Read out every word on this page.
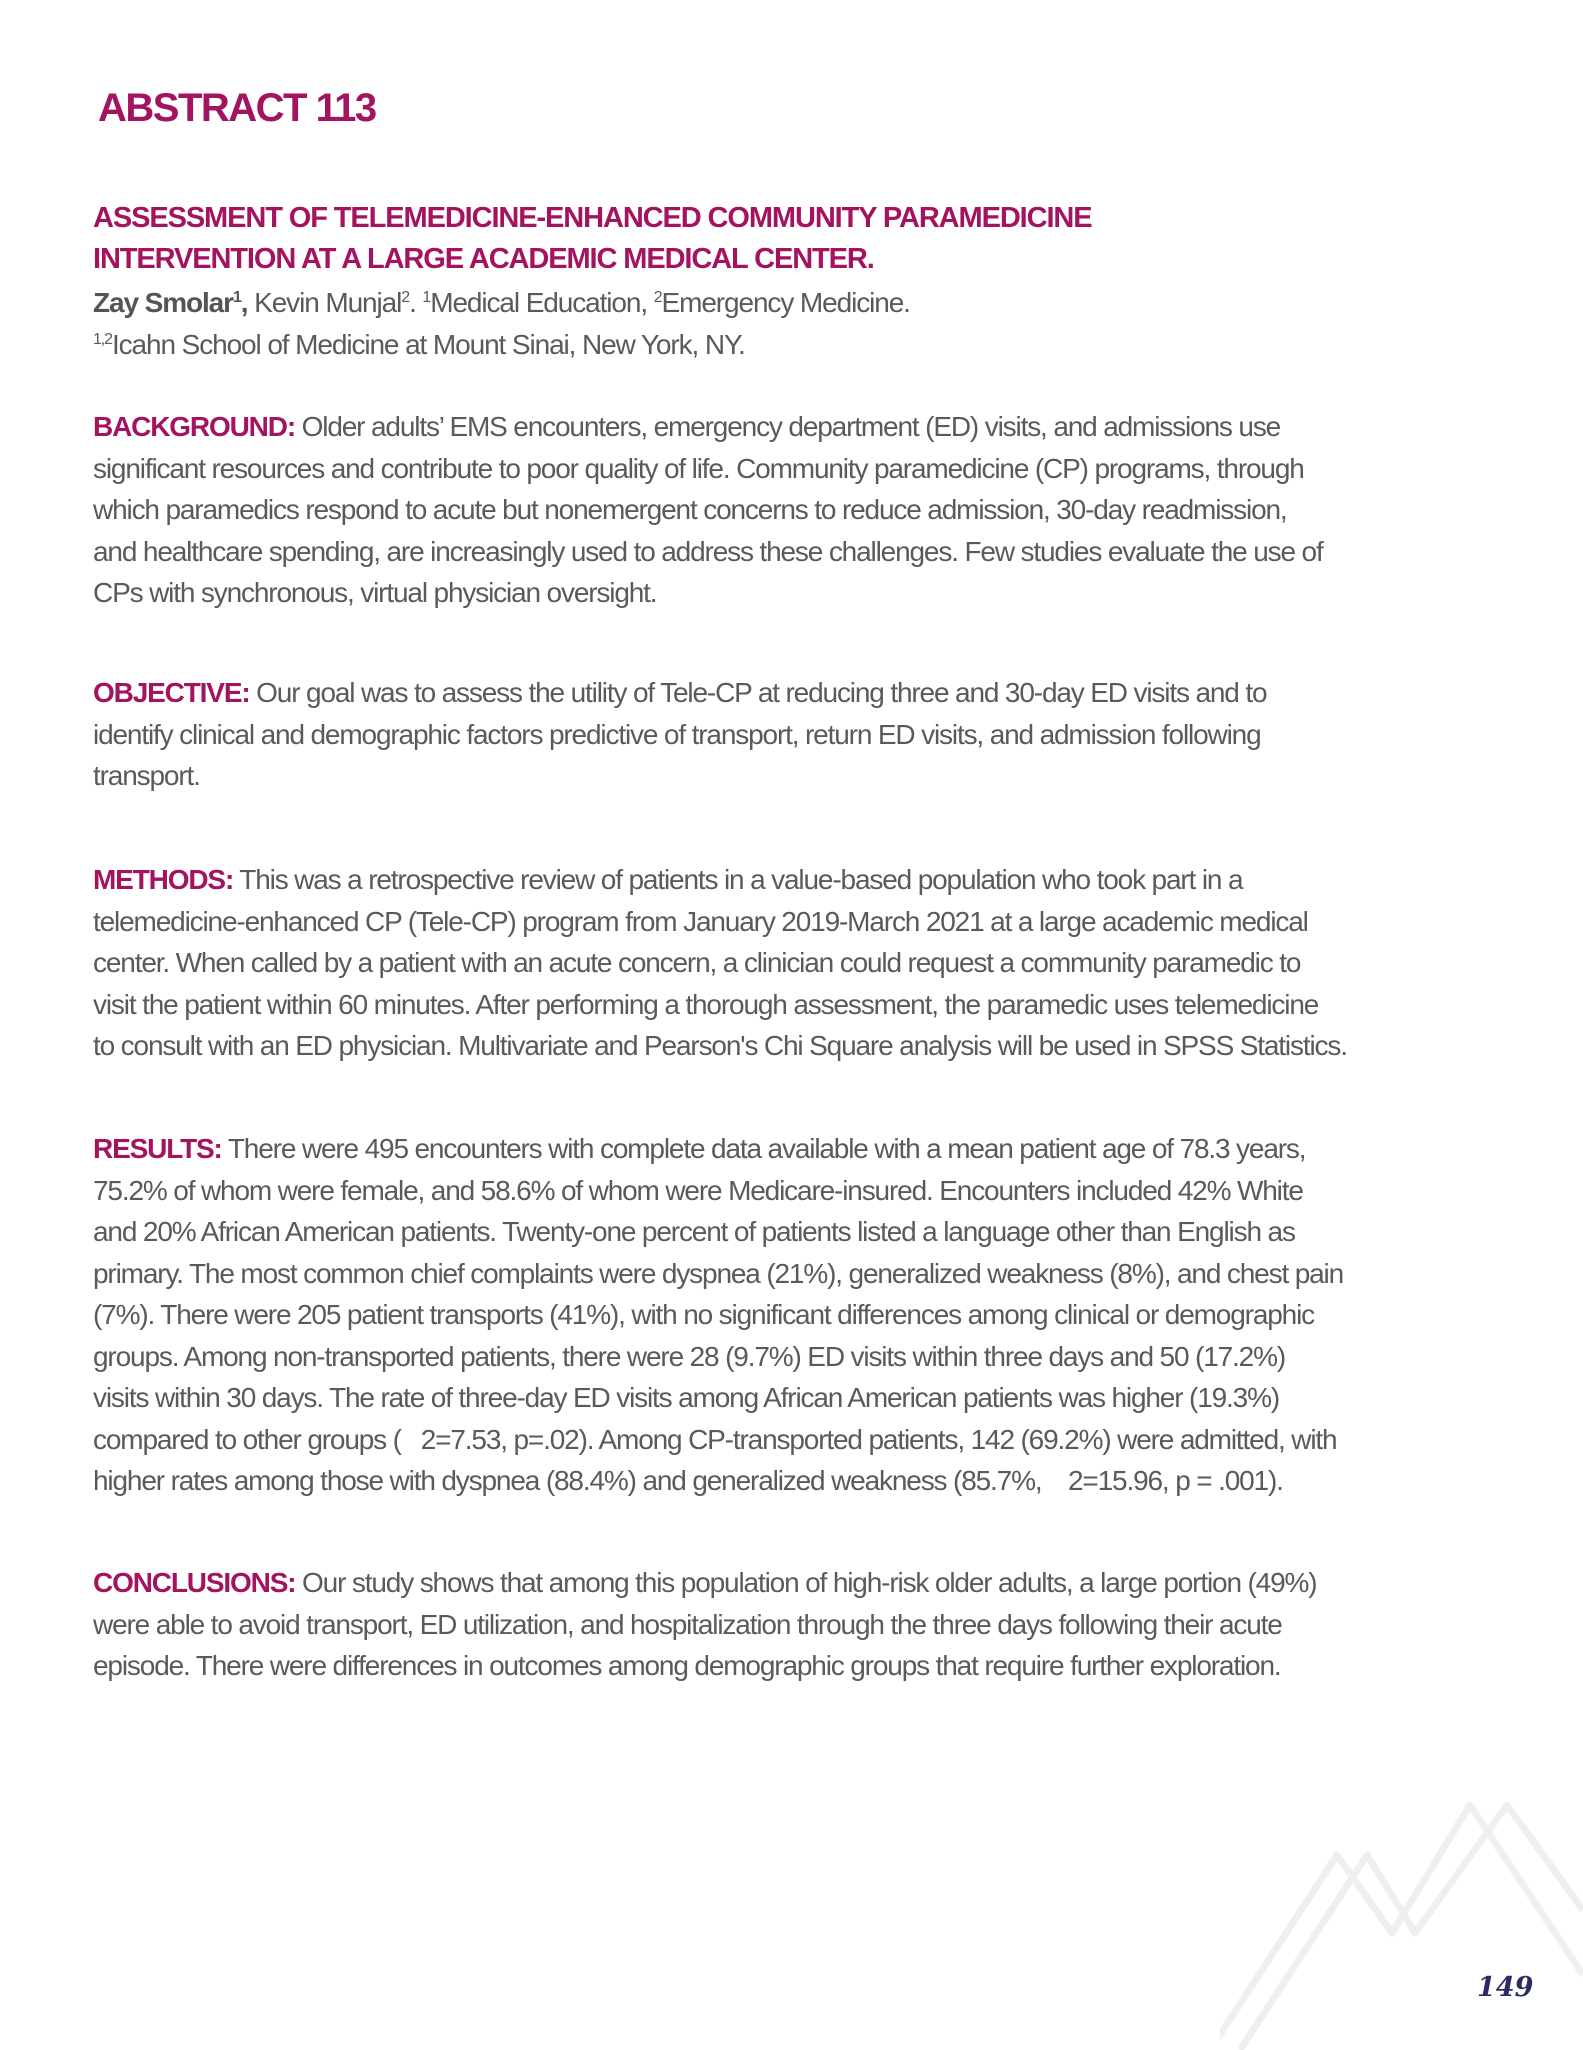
ABSTRACT 113
ASSESSMENT OF TELEMEDICINE-ENHANCED COMMUNITY PARAMEDICINE
INTERVENTION AT A LARGE ACADEMIC MEDICAL CENTER.
Zay Smolar$^1$, Kevin Munjal$^2$. $^1$Medical Education, $^2$Emergency Medicine.
$^{1,2}$Icahn School of Medicine at Mount Sinai, New York, NY.
BACKGROUND: Older adults’ EMS encounters, emergency department (ED) visits, and admissions use
significant resources and contribute to poor quality of life. Community paramedicine (CP) programs, through
which paramedics respond to acute but nonemergent concerns to reduce admission, 30-day readmission,
and healthcare spending, are increasingly used to address these challenges. Few studies evaluate the use of
CPs with synchronous, virtual physician oversight.
OBJECTIVE: Our goal was to assess the utility of Tele-CP at reducing three and 30-day ED visits and to
identify clinical and demographic factors predictive of transport, return ED visits, and admission following
transport.
METHODS: This was a retrospective review of patients in a value-based population who took part in a
telemedicine-enhanced CP (Tele-CP) program from January 2019-March 2021 at a large academic medical
center. When called by a patient with an acute concern, a clinician could request a community paramedic to
visit the patient within 60 minutes. After performing a thorough assessment, the paramedic uses telemedicine
to consult with an ED physician. Multivariate and Pearson's Chi Square analysis will be used in SPSS Statistics.
RESULTS: There were 495 encounters with complete data available with a mean patient age of 78.3 years,
75.2% of whom were female, and 58.6% of whom were Medicare-insured. Encounters included 42% White
and 20% African American patients. Twenty-one percent of patients listed a language other than English as
primary. The most common chief complaints were dyspnea (21%), generalized weakness (8%), and chest pain
(7%). There were 205 patient transports (41%), with no significant differences among clinical or demographic
groups. Among non-transported patients, there were 28 (9.7%) ED visits within three days and 50 (17.2%)
visits within 30 days. The rate of three-day ED visits among African American patients was higher (19.3%)
compared to other groups (   2=7.53, p=.02). Among CP-transported patients, 142 (69.2%) were admitted, with
higher rates among those with dyspnea (88.4%) and generalized weakness (85.7%,    2=15.96, p = .001).
CONCLUSIONS: Our study shows that among this population of high-risk older adults, a large portion (49%)
were able to avoid transport, ED utilization, and hospitalization through the three days following their acute
episode. There were differences in outcomes among demographic groups that require further exploration.
149
